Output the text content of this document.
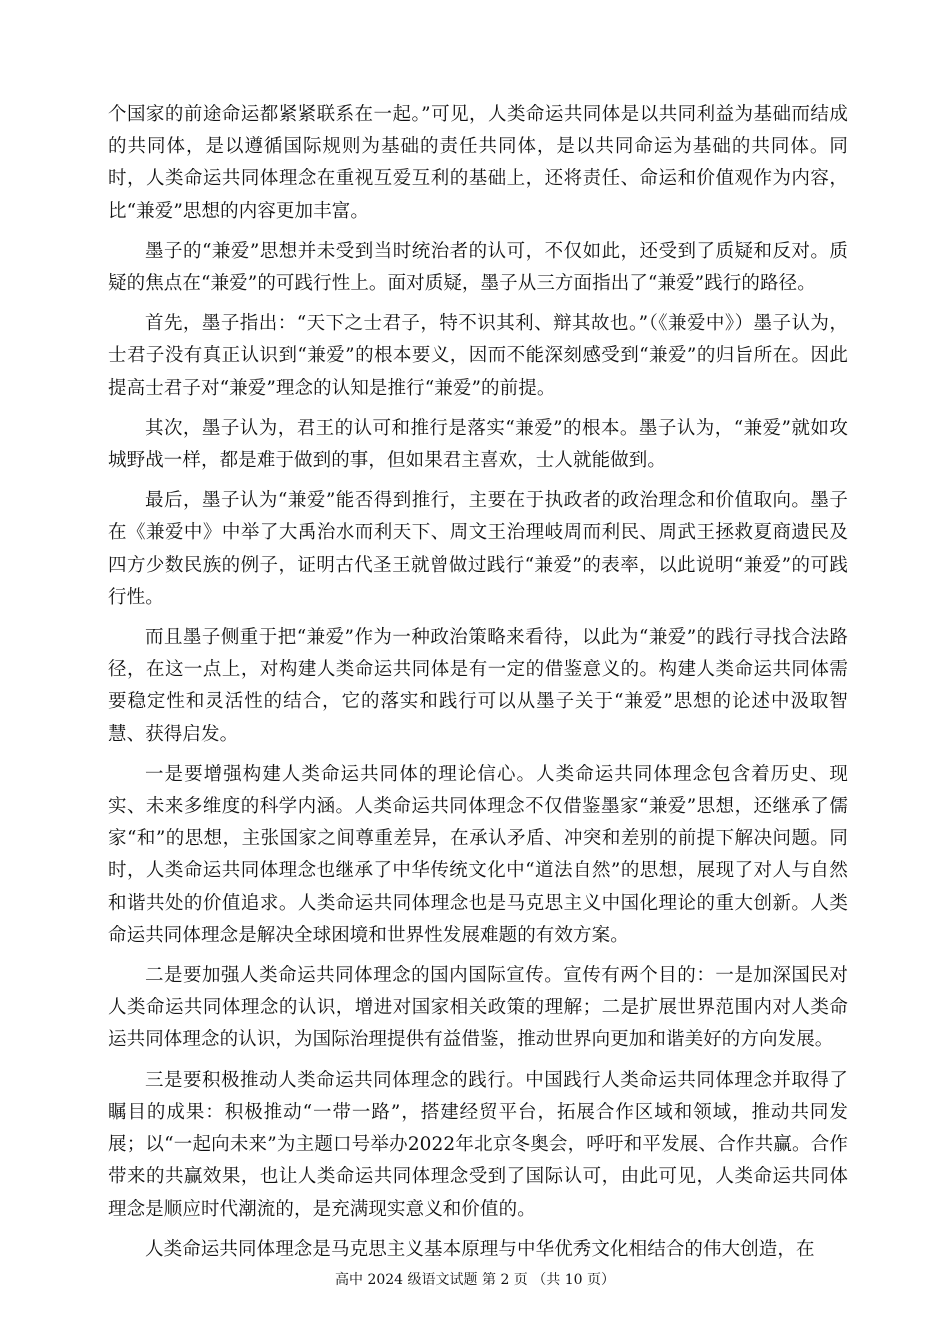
个国家的前途命运都紧紧联系在一起。”可见，人类命运共同体是以共同利益为基础而结成的共同体，是以遵循国际规则为基础的责任共同体，是以共同命运为基础的共同体。同时，人类命运共同体理念在重视互爱互利的基础上，还将责任、命运和价值观作为内容，比“兼爱”思想的内容更加丰富。

墨子的“兼爱”思想并未受到当时统治者的认可，不仅如此，还受到了质疑和反对。质疑的焦点在“兼爱”的可践行性上。面对质疑，墨子从三方面指出了“兼爱”践行的路径。

首先，墨子指出：“天下之士君子，特不识其利、辩其故也。”（《兼爱中》）墨子认为，士君子没有真正认识到“兼爱”的根本要义，因而不能深刻感受到“兼爱”的归旨所在。因此提高士君子对“兼爱”理念的认知是推行“兼爱”的前提。

其次，墨子认为，君王的认可和推行是落实“兼爱”的根本。墨子认为，“兼爱”就如攻城野战一样，都是难于做到的事，但如果君主喜欢，士人就能做到。

最后，墨子认为“兼爱”能否得到推行，主要在于执政者的政治理念和价值取向。墨子在《兼爱中》中举了大禹治水而利天下、周文王治理岐周而利民、周武王拯救夏商遗民及四方少数民族的例子，证明古代圣王就曾做过践行“兼爱”的表率，以此说明“兼爱”的可践行性。

而且墨子侧重于把“兼爱”作为一种政治策略来看待，以此为“兼爱”的践行寻找合法路径，在这一点上，对构建人类命运共同体是有一定的借鉴意义的。构建人类命运共同体需要稳定性和灵活性的结合，它的落实和践行可以从墨子关于“兼爱”思想的论述中汲取智慧、获得启发。

一是要增强构建人类命运共同体的理论信心。人类命运共同体理念包含着历史、现实、未来多维度的科学内涵。人类命运共同体理念不仅借鉴墨家“兼爱”思想，还继承了儒家“和”的思想，主张国家之间尊重差异，在承认矛盾、冲突和差别的前提下解决问题。同时，人类命运共同体理念也继承了中华传统文化中“道法自然”的思想，展现了对人与自然和谐共处的价值追求。人类命运共同体理念也是马克思主义中国化理论的重大创新。人类命运共同体理念是解决全球困境和世界性发展难题的有效方案。

二是要加强人类命运共同体理念的国内国际宣传。宣传有两个目的：一是加深国民对人类命运共同体理念的认识，增进对国家相关政策的理解；二是扩展世界范围内对人类命运共同体理念的认识，为国际治理提供有益借鉴，推动世界向更加和谐美好的方向发展。

三是要积极推动人类命运共同体理念的践行。中国践行人类命运共同体理念并取得了瞩目的成果：积极推动“一带一路”，搭建经贸平台，拓展合作区域和领域，推动共同发展；以“一起向未来”为主题口号举办2022年北京冬奥会，呼吁和平发展、合作共赢。合作带来的共赢效果，也让人类命运共同体理念受到了国际认可，由此可见，人类命运共同体理念是顺应时代潮流的，是充满现实意义和价值的。

人类命运共同体理念是马克思主义基本原理与中华优秀文化相结合的伟大创造，在

高中 2024 级语文试题 第 2 页 （共 10 页）
